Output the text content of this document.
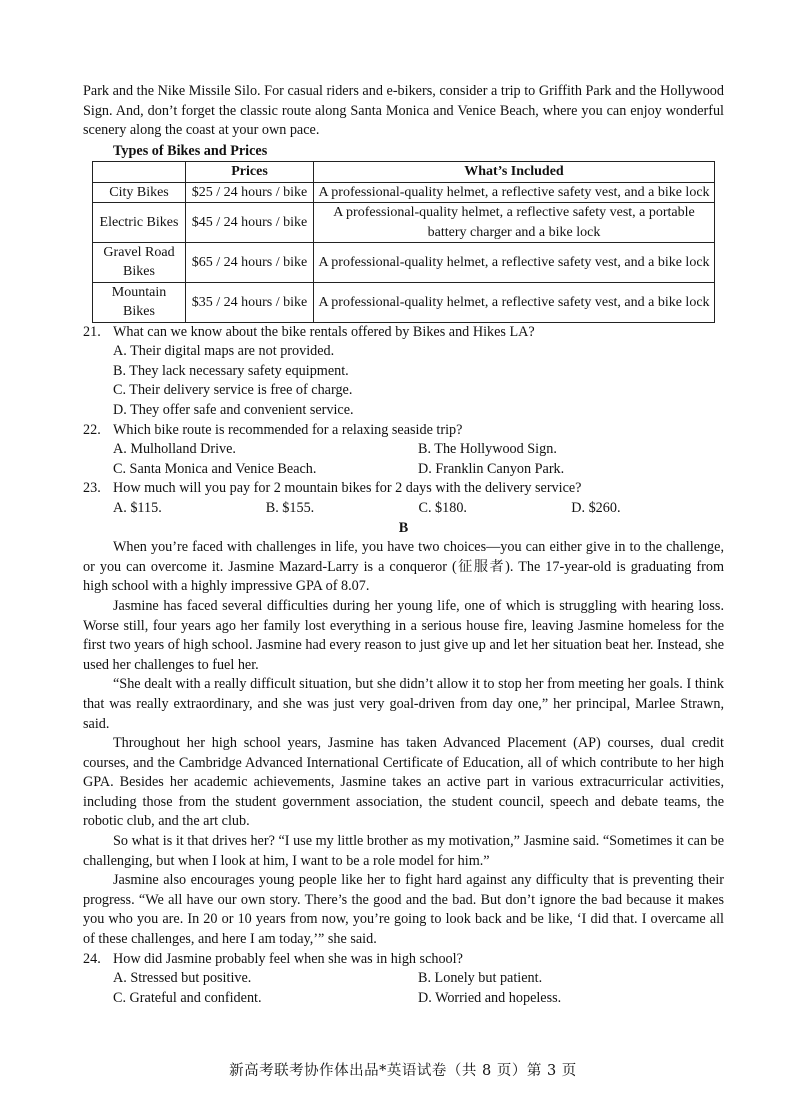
Park and the Nike Missile Silo. For casual riders and e-bikers, consider a trip to Griffith Park and the Hollywood Sign. And, don’t forget the classic route along Santa Monica and Venice Beach, where you can enjoy wonderful scenery along the coast at your own pace.

Types of Bikes and Prices
	Prices	What’s Included
City Bikes	$25 / 24 hours / bike	A professional-quality helmet, a reflective safety vest, and a bike lock
Electric Bikes	$45 / 24 hours / bike	A professional-quality helmet, a reflective safety vest, a portable battery charger and a bike lock
Gravel Road Bikes	$65 / 24 hours / bike	A professional-quality helmet, a reflective safety vest, and a bike lock
Mountain Bikes	$35 / 24 hours / bike	A professional-quality helmet, a reflective safety vest, and a bike lock
21. What can we know about the bike rentals offered by Bikes and Hikes LA?
A. Their digital maps are not provided.
B. They lack necessary safety equipment.
C. Their delivery service is free of charge.
D. They offer safe and convenient service.
22. Which bike route is recommended for a relaxing seaside trip?
A. Mulholland Drive.	B. The Hollywood Sign.
C. Santa Monica and Venice Beach.	D. Franklin Canyon Park.
23. How much will you pay for 2 mountain bikes for 2 days with the delivery service?
A. $115.	B. $155.	C. $180.	D. $260.
B

When you’re faced with challenges in life, you have two choices—you can either give in to the challenge, or you can overcome it. Jasmine Mazard-Larry is a conqueror (征服者). The 17-year-old is graduating from high school with a highly impressive GPA of 8.07.

Jasmine has faced several difficulties during her young life, one of which is struggling with hearing loss. Worse still, four years ago her family lost everything in a serious house fire, leaving Jasmine homeless for the first two years of high school. Jasmine had every reason to just give up and let her situation beat her. Instead, she used her challenges to fuel her.

“She dealt with a really difficult situation, but she didn’t allow it to stop her from meeting her goals. I think that was really extraordinary, and she was just very goal-driven from day one,” her principal, Marlee Strawn, said.

Throughout her high school years, Jasmine has taken Advanced Placement (AP) courses, dual credit courses, and the Cambridge Advanced International Certificate of Education, all of which contribute to her high GPA. Besides her academic achievements, Jasmine takes an active part in various extracurricular activities, including those from the student government association, the student council, speech and debate teams, the robotic club, and the art club.

So what is it that drives her? “I use my little brother as my motivation,” Jasmine said. “Sometimes it can be challenging, but when I look at him, I want to be a role model for him.”

Jasmine also encourages young people like her to fight hard against any difficulty that is preventing their progress. “We all have our own story. There’s the good and the bad. But don’t ignore the bad because it makes you who you are. In 20 or 10 years from now, you’re going to look back and be like, ‘I did that. I overcame all of these challenges, and here I am today,’” she said.

24. How did Jasmine probably feel when she was in high school?
A. Stressed but positive.	B. Lonely but patient.
C. Grateful and confident.	D. Worried and hopeless.
新高考联考协作体出品*英语试卷（共 8 页）第 3 页
